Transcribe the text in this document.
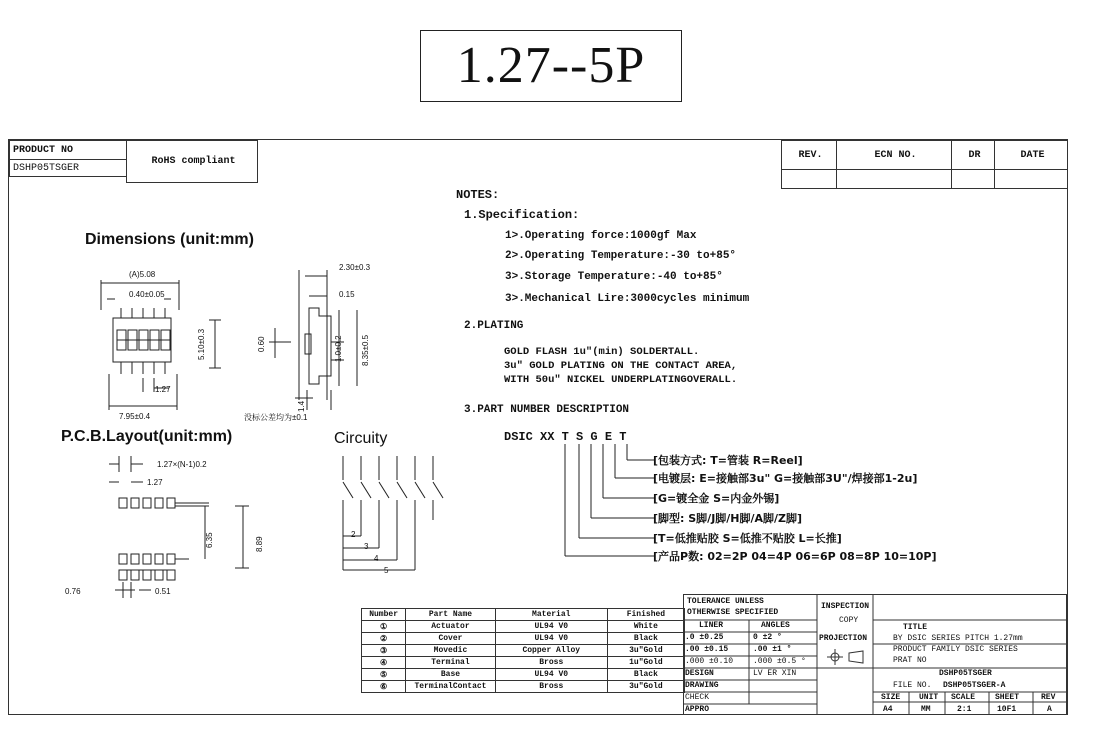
1.27--5P
PRODUCT NO
DSHP05TSGER
RoHS compliant
REV.	ECN NO.	DR	DATE
Dimensions (unit:mm)
P.C.B.Layout(unit:mm)	Circuity
(A)5.08
0.40±0.05
1.27
7.95±0.4
5.10±0.3
2.30±0.3
0.15
0.60	1.0±0.2 8.35±0.5
1.4
没标公差均为±0.1
1.27×(N-1)0.2
1.27
6.35	8.89
0.76	0.51
2
3
4
5
NOTES:
1.Specification:
1>.Operating force:1000gf Max
2>.Operating Temperature:-30 to+85°
3>.Storage Temperature:-40 to+85°
3>.Mechanical Lire:3000cycles minimum
2.PLATING
GOLD FLASH 1u"(min) SOLDERTALL.
3u" GOLD PLATING ON THE CONTACT AREA,
WITH 50u" NICKEL UNDERPLATINGOVERALL.
3.PART NUMBER DESCRIPTION
DSIC XX T S G E T
[包装方式: T=管装 R=Reel]
[电镀层: E=接触部3u" G=接触部3U"/焊接部1-2u]
[G=镀全金 S=内金外锡]
[脚型: S脚/J脚/H脚/A脚/Z脚]
[T=低推贴胶 S=低推不贴胶 L=长推]
[产品P数: 02=2P 04=4P 06=6P 08=8P 10=10P]
Number	Part Name	Material	Finished
①	Actuator	UL94 V0	White
②	Cover	UL94 V0	Black
③	Movedic	Copper Alloy	3u"Gold
④	Terminal	Bross	1u"Gold
⑤	Base	UL94 V0	Black
⑥	TerminalContact	Bross	3u"Gold
TOLERANCE UNLESS
OTHERWISE SPECIFIED
LINER	ANGLES
.0 ±0.25	0 ±2 °
.00 ±0.15	.00 ±1 °
.000 ±0.10 .000 ±0.5 °
DESIGN	LV ER XIN
DRAWING
CHECK
APPRO
INSPECTION
COPY
PROJECTION
TITLE
BY DSIC SERIES PITCH 1.27mm
PRODUCT FAMILY DSIC SERIES
PRAT NO
DSHP05TSGER
FILE NO. DSHP05TSGER-A
SIZE UNIT SCALE SHEET	REV
A4	MM	2:1	10F1	A
